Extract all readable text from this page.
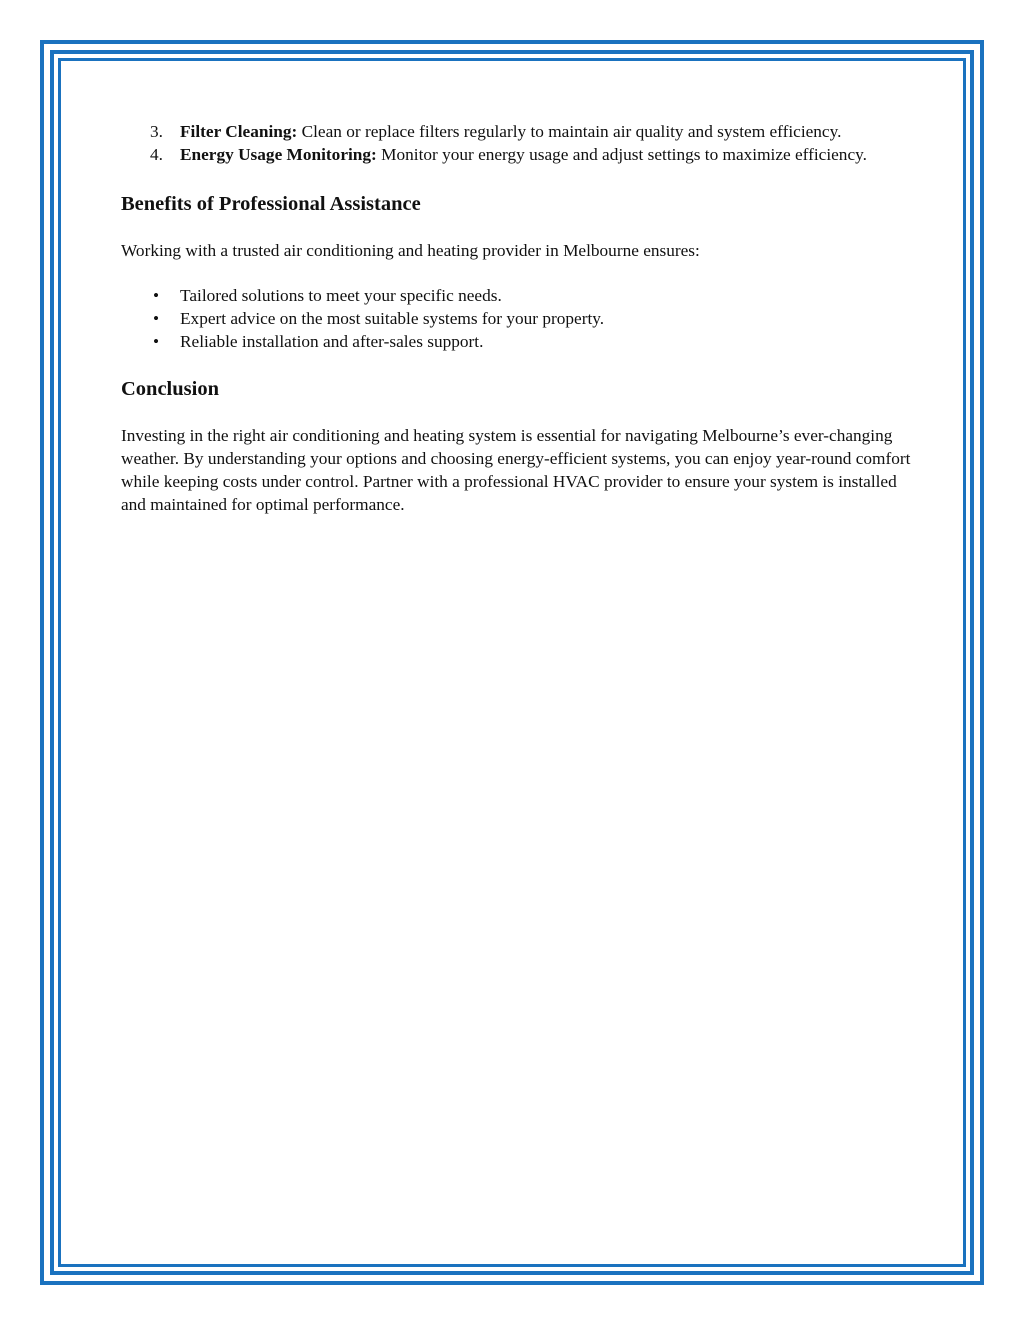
3. Filter Cleaning: Clean or replace filters regularly to maintain air quality and system efficiency.
4. Energy Usage Monitoring: Monitor your energy usage and adjust settings to maximize efficiency.
Benefits of Professional Assistance

Working with a trusted air conditioning and heating provider in Melbourne ensures:

• Tailored solutions to meet your specific needs.
• Expert advice on the most suitable systems for your property.
• Reliable installation and after-sales support.
Conclusion

Investing in the right air conditioning and heating system is essential for navigating Melbourne’s ever-changing weather. By understanding your options and choosing energy-efficient systems, you can enjoy year-round comfort while keeping costs under control. Partner with a professional HVAC provider to ensure your system is installed and maintained for optimal performance.
